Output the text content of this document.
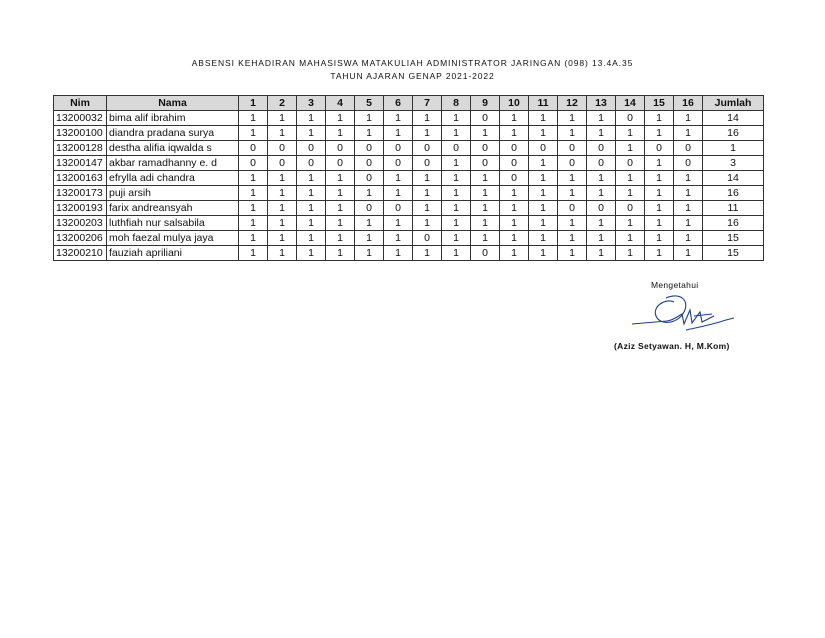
ABSENSI KEHADIRAN MAHASISWA MATAKULIAH ADMINISTRATOR JARINGAN (098) 13.4A.35
TAHUN AJARAN GENAP 2021-2022
Nim	Nama	1	2	3	4	5	6	7	8	9	10	11	12	13	14	15	16	Jumlah
13200032	bima alif ibrahim	1	1	1	1	1	1	1	1	0	1	1	1	1	0	1	1	14
13200100	diandra pradana surya	1	1	1	1	1	1	1	1	1	1	1	1	1	1	1	1	16
13200128	destha alifia iqwalda s	0	0	0	0	0	0	0	0	0	0	0	0	0	1	0	0	1
13200147	akbar ramadhanny e. d	0	0	0	0	0	0	0	1	0	0	1	0	0	0	1	0	3
13200163	efrylla adi chandra	1	1	1	1	0	1	1	1	1	0	1	1	1	1	1	1	14
13200173	puji arsih	1	1	1	1	1	1	1	1	1	1	1	1	1	1	1	1	16
13200193	farix andreansyah	1	1	1	1	0	0	1	1	1	1	1	0	0	0	1	1	11
13200203	luthfiah nur salsabila	1	1	1	1	1	1	1	1	1	1	1	1	1	1	1	1	16
13200206	moh faezal mulya jaya	1	1	1	1	1	1	0	1	1	1	1	1	1	1	1	1	15
13200210	fauziah apriliani	1	1	1	1	1	1	1	1	0	1	1	1	1	1	1	1	15
Mengetahui
(Aziz Setyawan. H, M.Kom)
